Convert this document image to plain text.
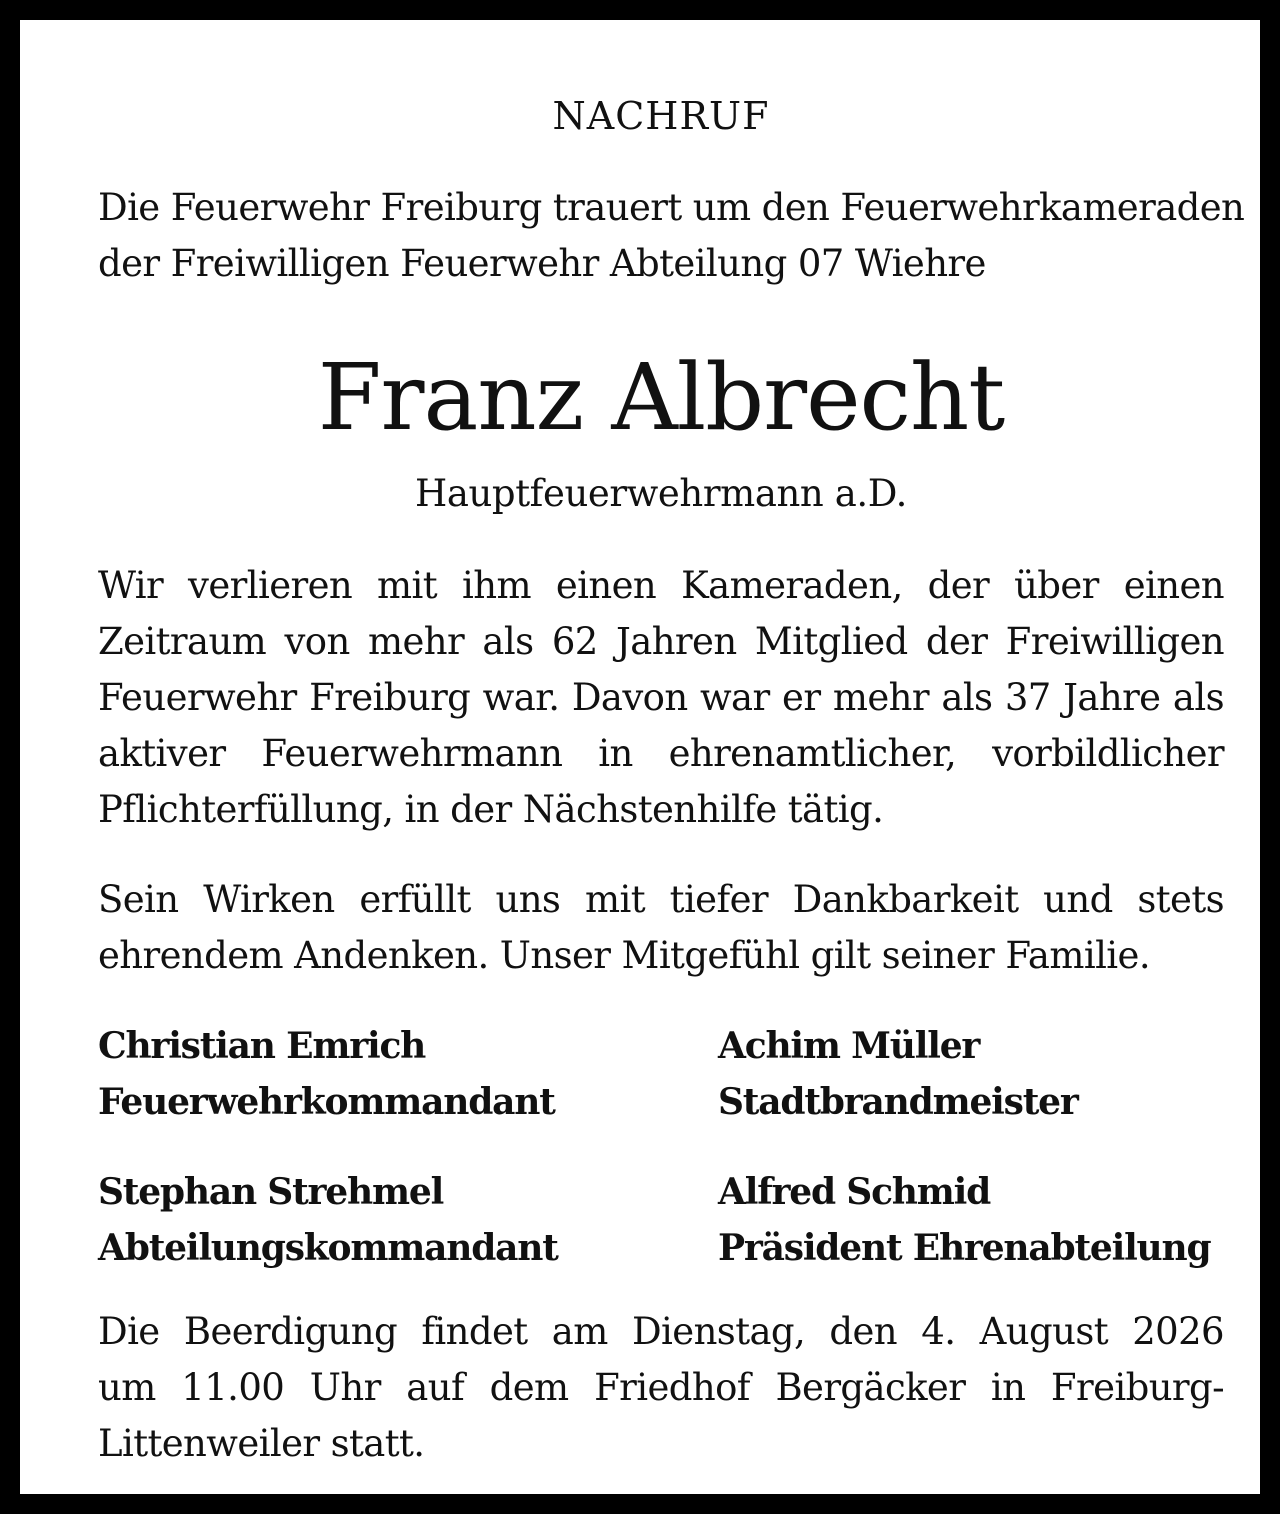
NACHRUF
Die Feuerwehr Freiburg trauert um den Feuerwehrkameraden
der Freiwilligen Feuerwehr Abteilung 07 Wiehre
Franz Albrecht
Hauptfeuerwehrmann a.D.
Wir verlieren mit ihm einen Kameraden, der über einen
Zeitraum von mehr als 62 Jahren Mitglied der Freiwilligen
Feuerwehr Freiburg war. Davon war er mehr als 37 Jahre als
aktiver Feuerwehrmann in ehrenamtlicher, vorbildlicher
Pflichterfüllung, in der Nächstenhilfe tätig.
Sein Wirken erfüllt uns mit tiefer Dankbarkeit und stets
ehrendem Andenken. Unser Mitgefühl gilt seiner Familie.
Christian Emrich
Feuerwehrkommandant
Achim Müller
Stadtbrandmeister
Stephan Strehmel
Abteilungskommandant
Alfred Schmid
Präsident Ehrenabteilung
Die Beerdigung findet am Dienstag, den 4. August 2026
um 11.00 Uhr auf dem Friedhof Bergäcker in Freiburg-
Littenweiler statt.
